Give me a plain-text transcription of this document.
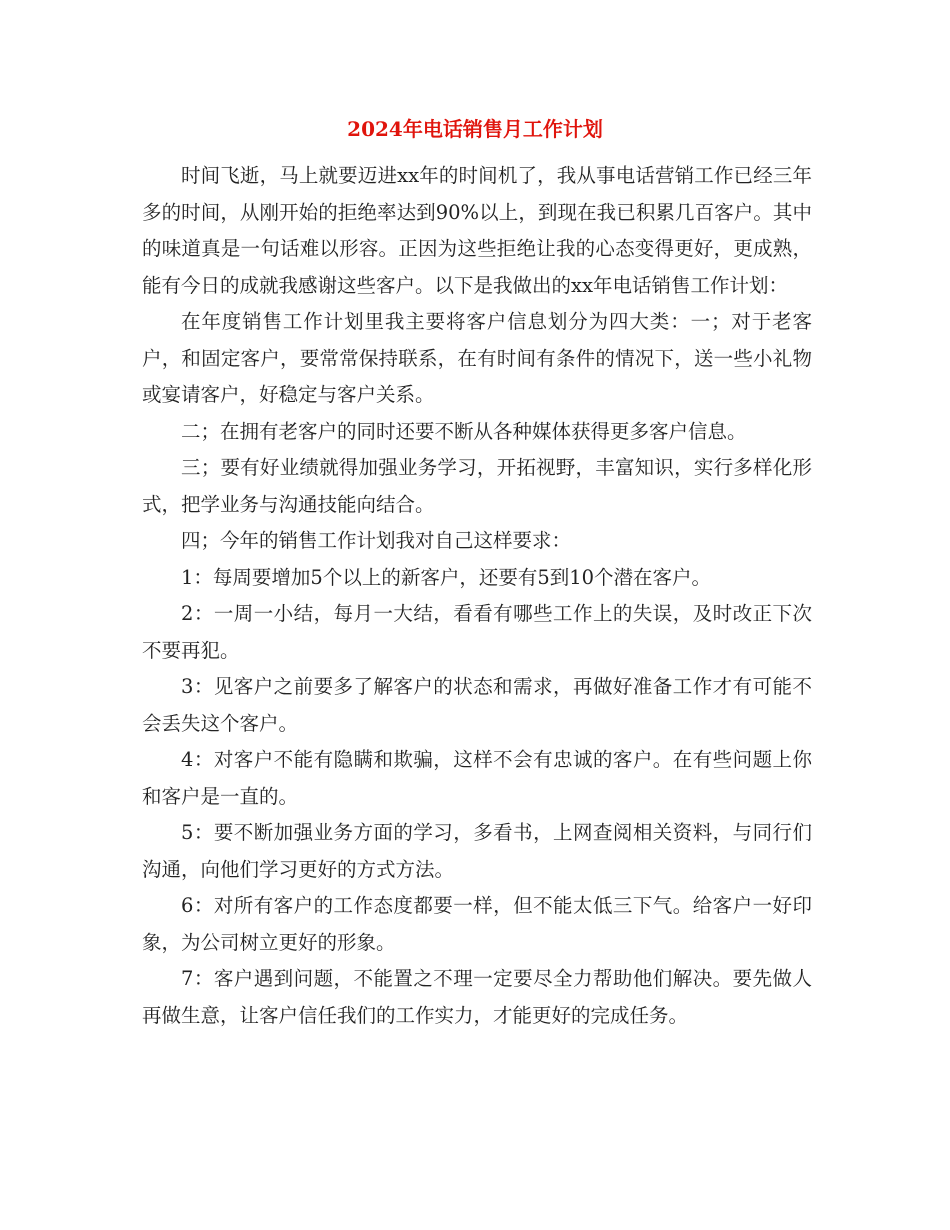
2024年电话销售月工作计划

时间飞逝，马上就要迈进xx年的时间机了，我从事电话营销工作已经三年多的时间，从刚开始的拒绝率达到90%以上，到现在我已积累几百客户。其中的味道真是一句话难以形容。正因为这些拒绝让我的心态变得更好，更成熟，能有今日的成就我感谢这些客户。以下是我做出的xx年电话销售工作计划：

在年度销售工作计划里我主要将客户信息划分为四大类：一；对于老客户，和固定客户，要常常保持联系，在有时间有条件的情况下，送一些小礼物或宴请客户，好稳定与客户关系。

二；在拥有老客户的同时还要不断从各种媒体获得更多客户信息。

三；要有好业绩就得加强业务学习，开拓视野，丰富知识，实行多样化形式，把学业务与沟通技能向结合。

四；今年的销售工作计划我对自己这样要求：

1：每周要增加5个以上的新客户，还要有5到10个潜在客户。

2：一周一小结，每月一大结，看看有哪些工作上的失误，及时改正下次不要再犯。

3：见客户之前要多了解客户的状态和需求，再做好准备工作才有可能不会丢失这个客户。

4：对客户不能有隐瞒和欺骗，这样不会有忠诚的客户。在有些问题上你和客户是一直的。

5：要不断加强业务方面的学习，多看书，上网查阅相关资料，与同行们沟通，向他们学习更好的方式方法。

6：对所有客户的工作态度都要一样，但不能太低三下气。给客户一好印象，为公司树立更好的形象。

7：客户遇到问题，不能置之不理一定要尽全力帮助他们解决。要先做人再做生意，让客户信任我们的工作实力，才能更好的完成任务。
